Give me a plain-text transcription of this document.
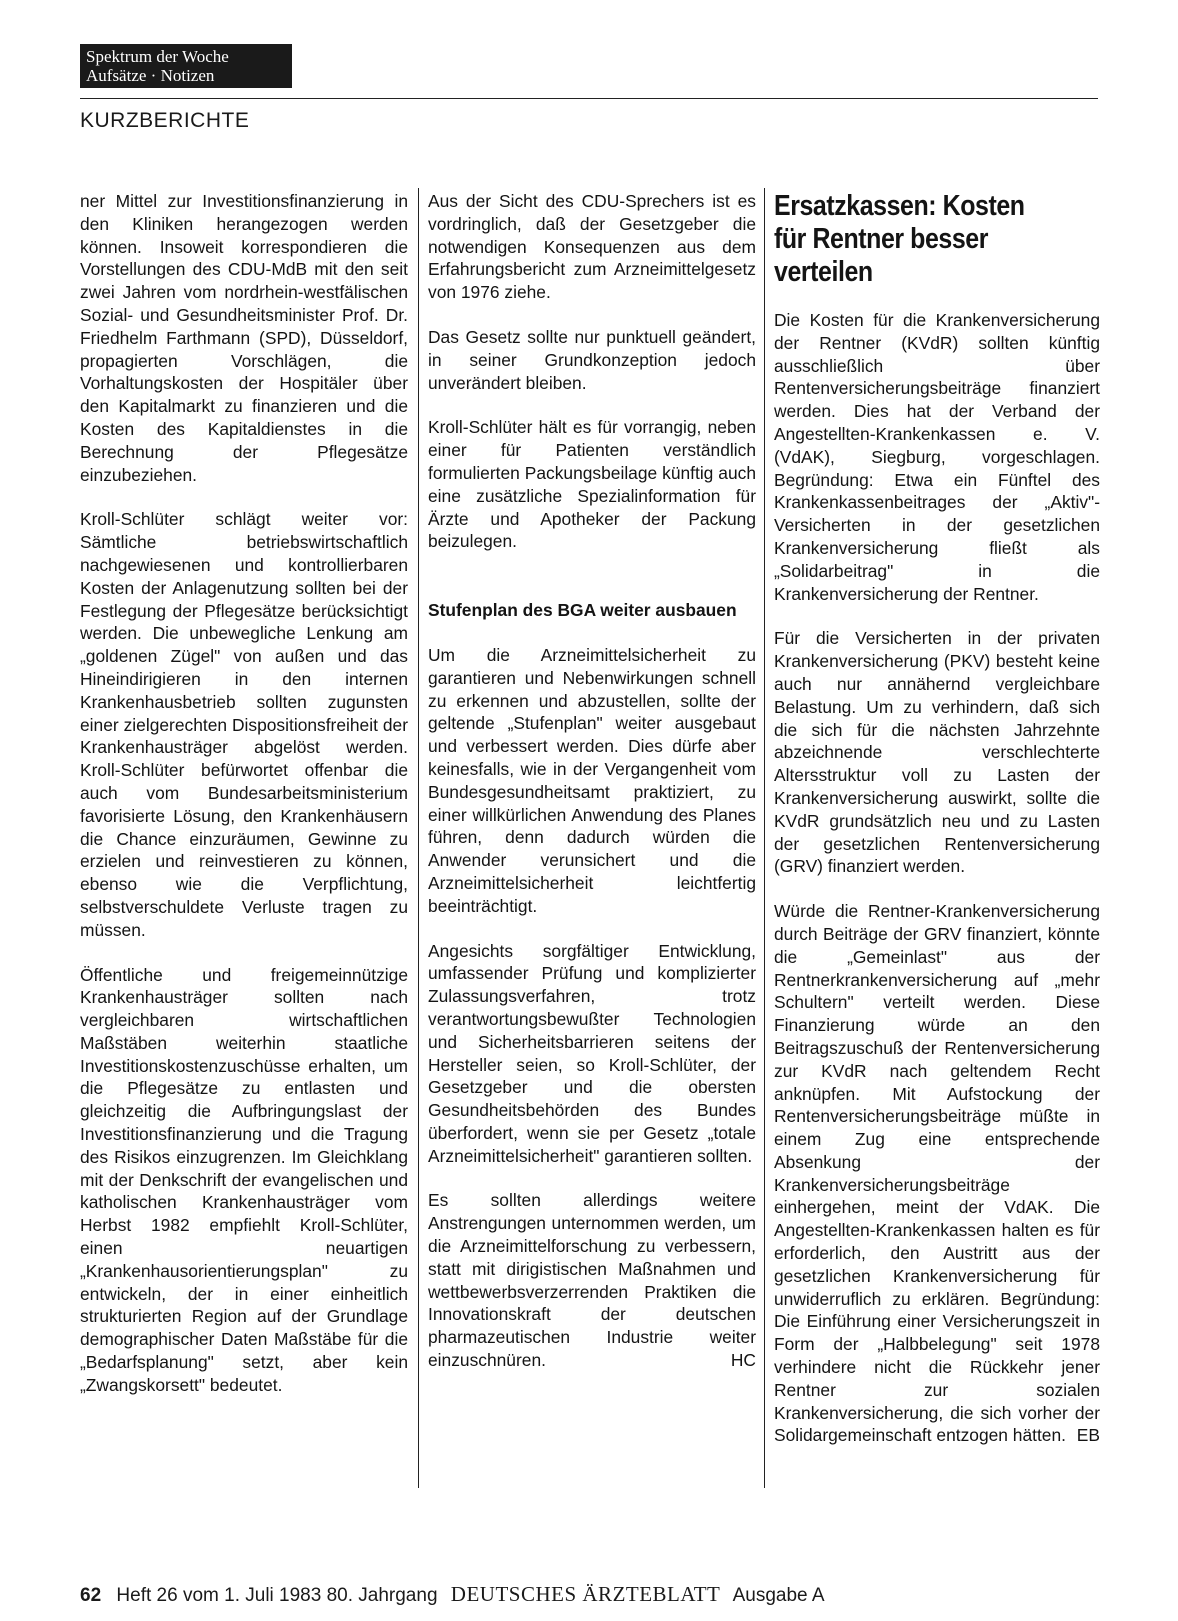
Spektrum der Woche
Aufsätze · Notizen
KURZBERICHTE

ner Mittel zur Investitionsfinanzierung in den Kliniken herangezogen werden können. Insoweit korrespondieren die Vorstellungen des CDU-MdB mit den seit zwei Jahren vom nordrhein-westfälischen Sozial- und Gesundheitsminister Prof. Dr. Friedhelm Farthmann (SPD), Düsseldorf, propagierten Vorschlägen, die Vorhaltungskosten der Hospitäler über den Kapitalmarkt zu finanzieren und die Kosten des Kapitaldienstes in die Berechnung der Pflegesätze einzubeziehen.

Kroll-Schlüter schlägt weiter vor: Sämtliche betriebswirtschaftlich nachgewiesenen und kontrollierbaren Kosten der Anlagenutzung sollten bei der Festlegung der Pflegesätze berücksichtigt werden. Die unbewegliche Lenkung am „goldenen Zügel" von außen und das Hineindirigieren in den internen Krankenhausbetrieb sollten zugunsten einer zielgerechten Dispositionsfreiheit der Krankenhausträger abgelöst werden. Kroll-Schlüter befürwortet offenbar die auch vom Bundesarbeitsministerium favorisierte Lösung, den Krankenhäusern die Chance einzuräumen, Gewinne zu erzielen und reinvestieren zu können, ebenso wie die Verpflichtung, selbstverschuldete Verluste tragen zu müssen.

Öffentliche und freigemeinnützige Krankenhausträger sollten nach vergleichbaren wirtschaftlichen Maßstäben weiterhin staatliche Investitionskostenzuschüsse erhalten, um die Pflegesätze zu entlasten und gleichzeitig die Aufbringungslast der Investitionsfinanzierung und die Tragung des Risikos einzugrenzen. Im Gleichklang mit der Denkschrift der evangelischen und katholischen Krankenhausträger vom Herbst 1982 empfiehlt Kroll-Schlüter, einen neuartigen „Krankenhausorientierungsplan" zu entwickeln, der in einer einheitlich strukturierten Region auf der Grundlage demographischer Daten Maßstäbe für die „Bedarfsplanung" setzt, aber kein „Zwangskorsett" bedeutet.

Aus der Sicht des CDU-Sprechers ist es vordringlich, daß der Gesetzgeber die notwendigen Konsequenzen aus dem Erfahrungsbericht zum Arzneimittelgesetz von 1976 ziehe.

Das Gesetz sollte nur punktuell geändert, in seiner Grundkonzeption jedoch unverändert bleiben.

Kroll-Schlüter hält es für vorrangig, neben einer für Patienten verständlich formulierten Packungsbeilage künftig auch eine zusätzliche Spezialinformation für Ärzte und Apotheker der Packung beizulegen.

Stufenplan des BGA weiter ausbauen

Um die Arzneimittelsicherheit zu garantieren und Nebenwirkungen schnell zu erkennen und abzustellen, sollte der geltende „Stufenplan" weiter ausgebaut und verbessert werden. Dies dürfe aber keinesfalls, wie in der Vergangenheit vom Bundesgesundheitsamt praktiziert, zu einer willkürlichen Anwendung des Planes führen, denn dadurch würden die Anwender verunsichert und die Arzneimittelsicherheit leichtfertig beeinträchtigt.

Angesichts sorgfältiger Entwicklung, umfassender Prüfung und komplizierter Zulassungsverfahren, trotz verantwortungsbewußter Technologien und Sicherheitsbarrieren seitens der Hersteller seien, so Kroll-Schlüter, der Gesetzgeber und die obersten Gesundheitsbehörden des Bundes überfordert, wenn sie per Gesetz „totale Arzneimittelsicherheit" garantieren sollten.

Es sollten allerdings weitere Anstrengungen unternommen werden, um die Arzneimittelforschung zu verbessern, statt mit dirigistischen Maßnahmen und wettbewerbsverzerrenden Praktiken die Innovationskraft der deutschen pharmazeutischen Industrie weiter einzuschnüren.	HC

Ersatzkassen: Kosten für Rentner besser verteilen

Die Kosten für die Krankenversicherung der Rentner (KVdR) sollten künftig ausschließlich über Rentenversicherungsbeiträge finanziert werden. Dies hat der Verband der Angestellten-Krankenkassen e. V. (VdAK), Siegburg, vorgeschlagen. Begründung: Etwa ein Fünftel des Krankenkassenbeitrages der „Aktiv"-Versicherten in der gesetzlichen Krankenversicherung fließt als „Solidarbeitrag" in die Krankenversicherung der Rentner.

Für die Versicherten in der privaten Krankenversicherung (PKV) besteht keine auch nur annähernd vergleichbare Belastung. Um zu verhindern, daß sich die sich für die nächsten Jahrzehnte abzeichnende verschlechterte Altersstruktur voll zu Lasten der Krankenversicherung auswirkt, sollte die KVdR grundsätzlich neu und zu Lasten der gesetzlichen Rentenversicherung (GRV) finanziert werden.

Würde die Rentner-Krankenversicherung durch Beiträge der GRV finanziert, könnte die „Gemeinlast" aus der Rentnerkrankenversicherung auf „mehr Schultern" verteilt werden. Diese Finanzierung würde an den Beitragszuschuß der Rentenversicherung zur KVdR nach geltendem Recht anknüpfen. Mit Aufstockung der Rentenversicherungsbeiträge müßte in einem Zug eine entsprechende Absenkung der Krankenversicherungsbeiträge einhergehen, meint der VdAK. Die Angestellten-Krankenkassen halten es für erforderlich, den Austritt aus der gesetzlichen Krankenversicherung für unwiderruflich zu erklären. Begründung: Die Einführung einer Versicherungszeit in Form der „Halbbelegung" seit 1978 verhindere nicht die Rückkehr jener Rentner zur sozialen Krankenversicherung, die sich vorher der Solidargemeinschaft entzogen hätten. EB

62 Heft 26 vom 1. Juli 1983 80. Jahrgang DEUTSCHES ÄRZTEBLATT Ausgabe A
